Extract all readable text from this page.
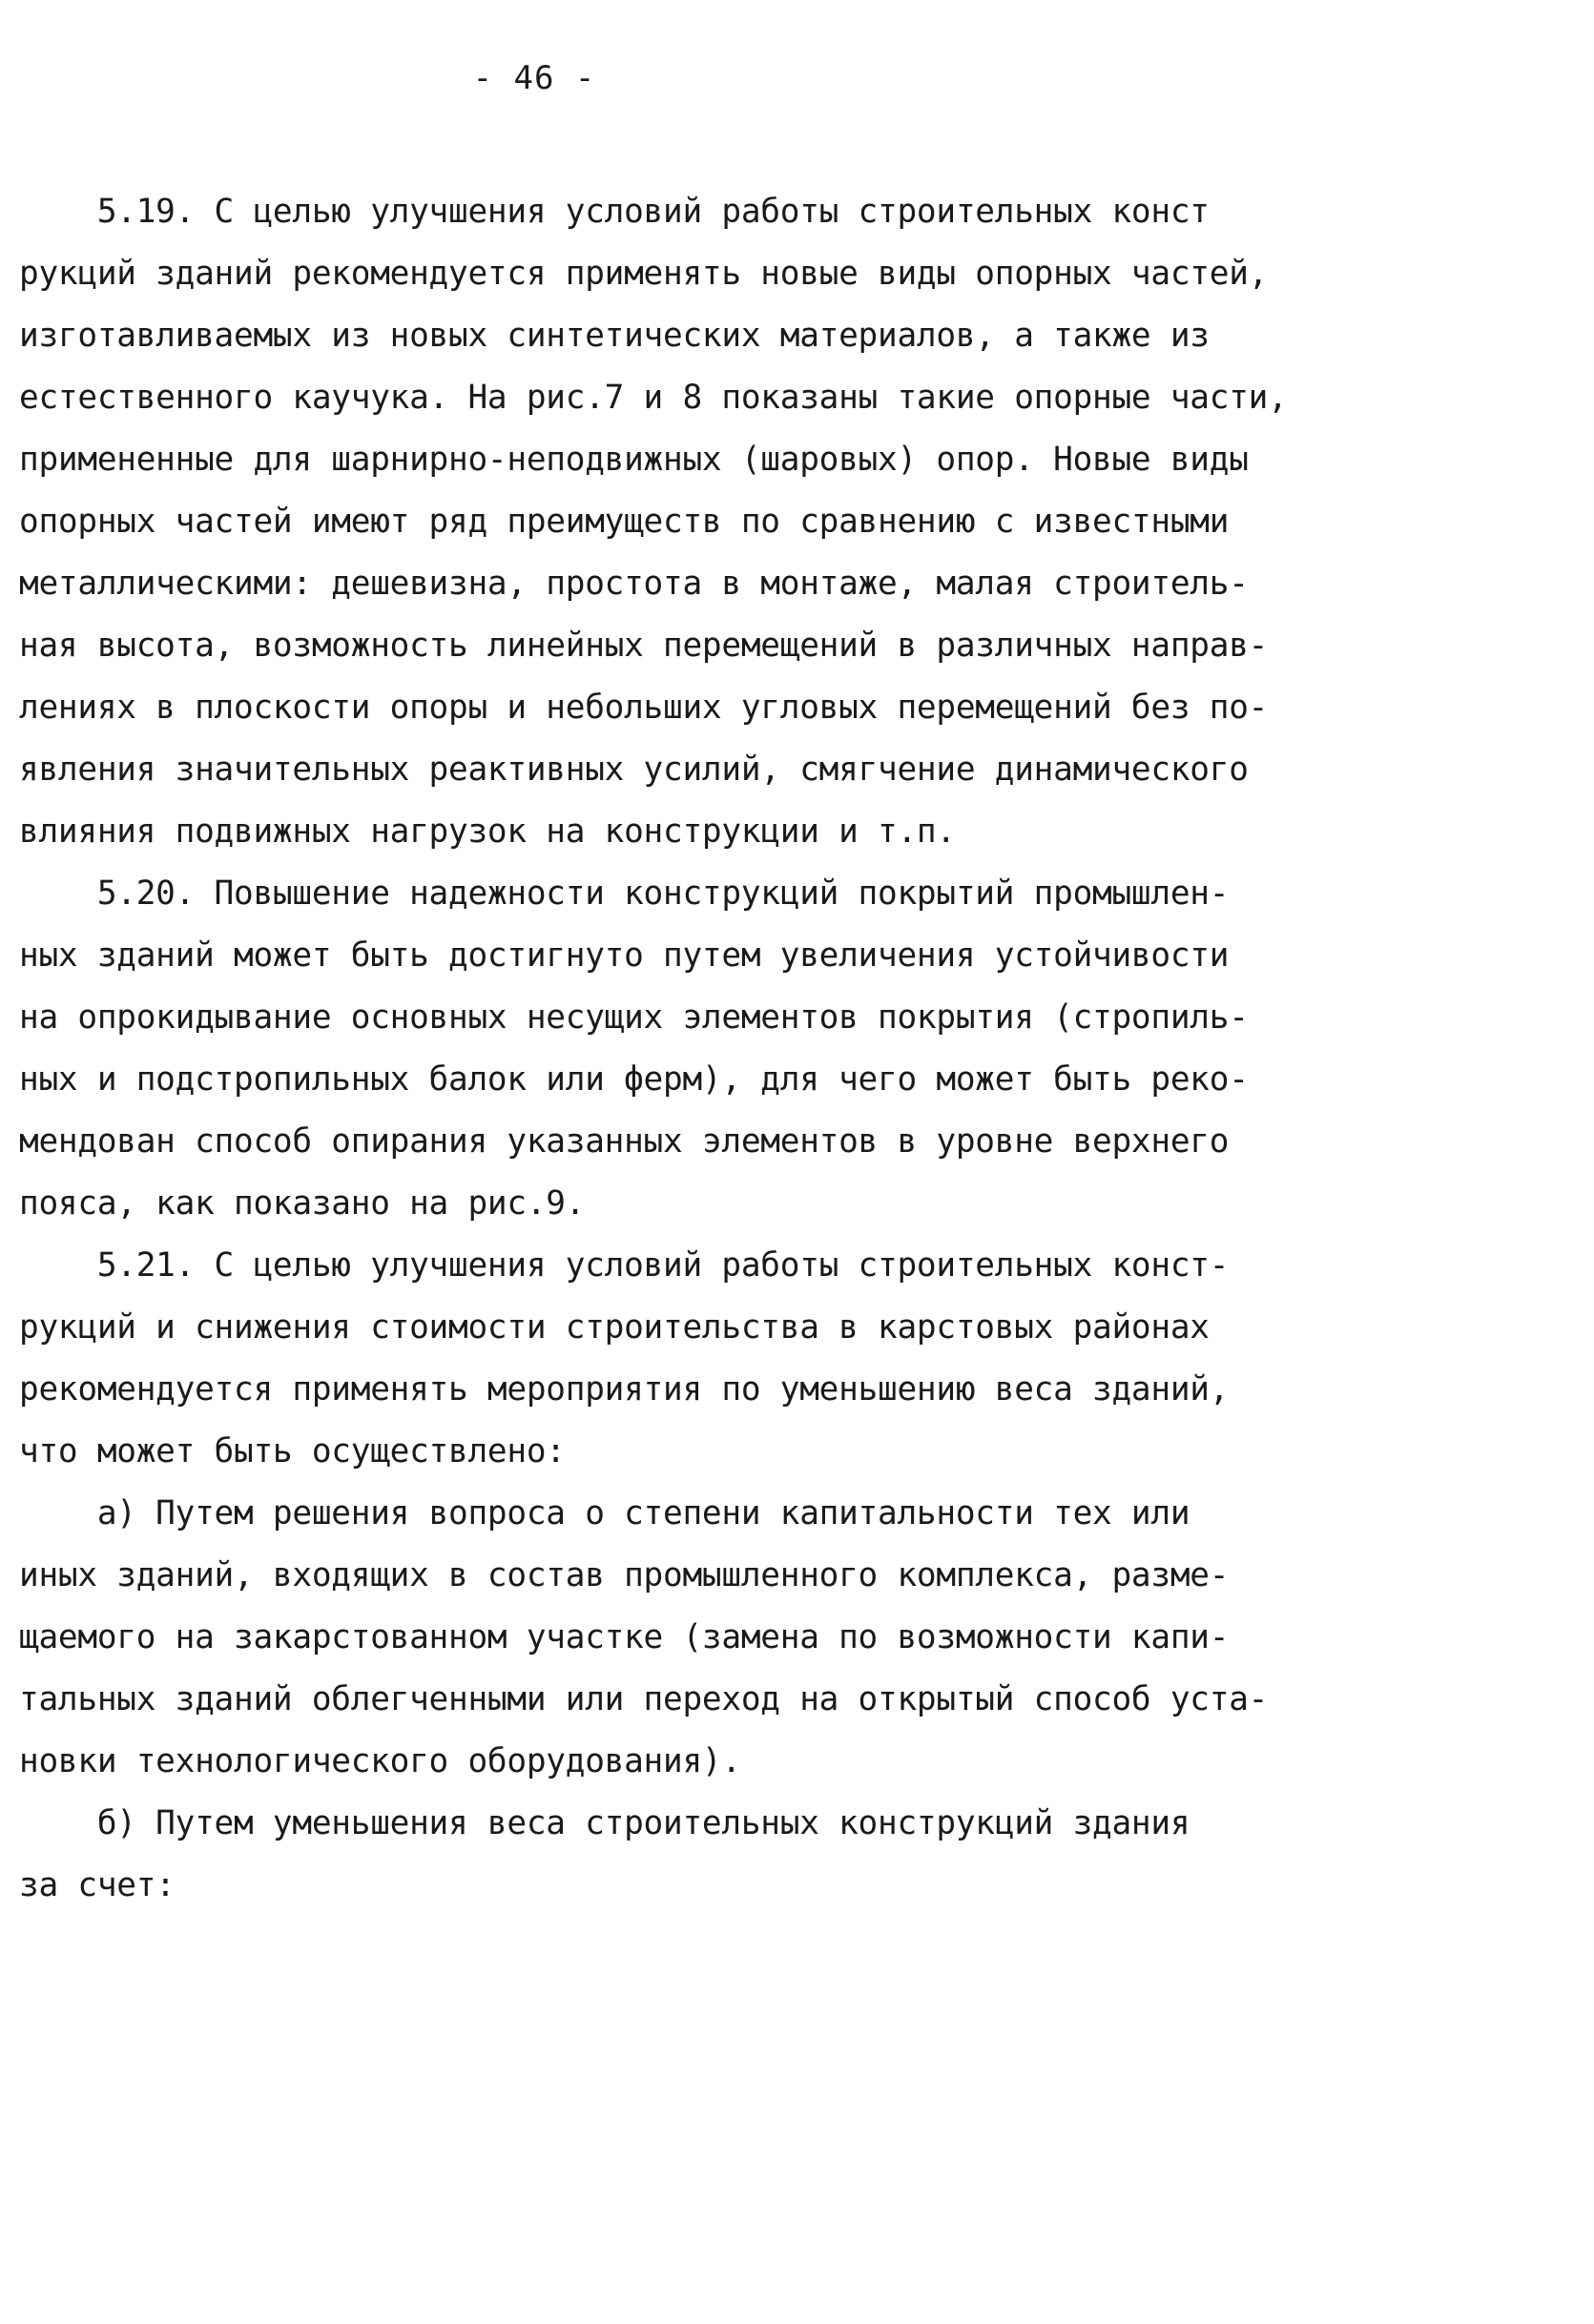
- 46 -
5.19. С целью улучшения условий работы строительных конст
рукций зданий рекомендуется применять новые виды опорных частей,
изготавливаемых из новых синтетических материалов, а также из
естественного каучука. На рис.7 и 8 показаны такие опорные части,
примененные для шарнирно-неподвижных (шаровых) опор. Новые виды
опорных частей имеют ряд преимуществ по сравнению с известными
металлическими: дешевизна, простота в монтаже, малая строитель-
ная высота, возможность линейных перемещений в различных направ-
лениях в плоскости опоры и небольших угловых перемещений без по-
явления значительных реактивных усилий, смягчение динамического
влияния подвижных нагрузок на конструкции и т.п.
5.20. Повышение надежности конструкций покрытий промышлен-
ных зданий может быть достигнуто путем увеличения устойчивости
на опрокидывание основных несущих элементов покрытия (стропиль-
ных и подстропильных балок или ферм), для чего может быть реко-
мендован способ опирания указанных элементов в уровне верхнего
пояса, как показано на рис.9.
5.21. С целью улучшения условий работы строительных конст-
рукций и снижения стоимости строительства в карстовых районах
рекомендуется применять мероприятия по уменьшению веса зданий,
что может быть осуществлено:
а) Путем решения вопроса о степени капитальности тех или
иных зданий, входящих в состав промышленного комплекса, разме-
щаемого на закарстованном участке (замена по возможности капи-
тальных зданий облегченными или переход на открытый способ уста-
новки технологического оборудования).
б) Путем уменьшения веса строительных конструкций здания
за счет:
